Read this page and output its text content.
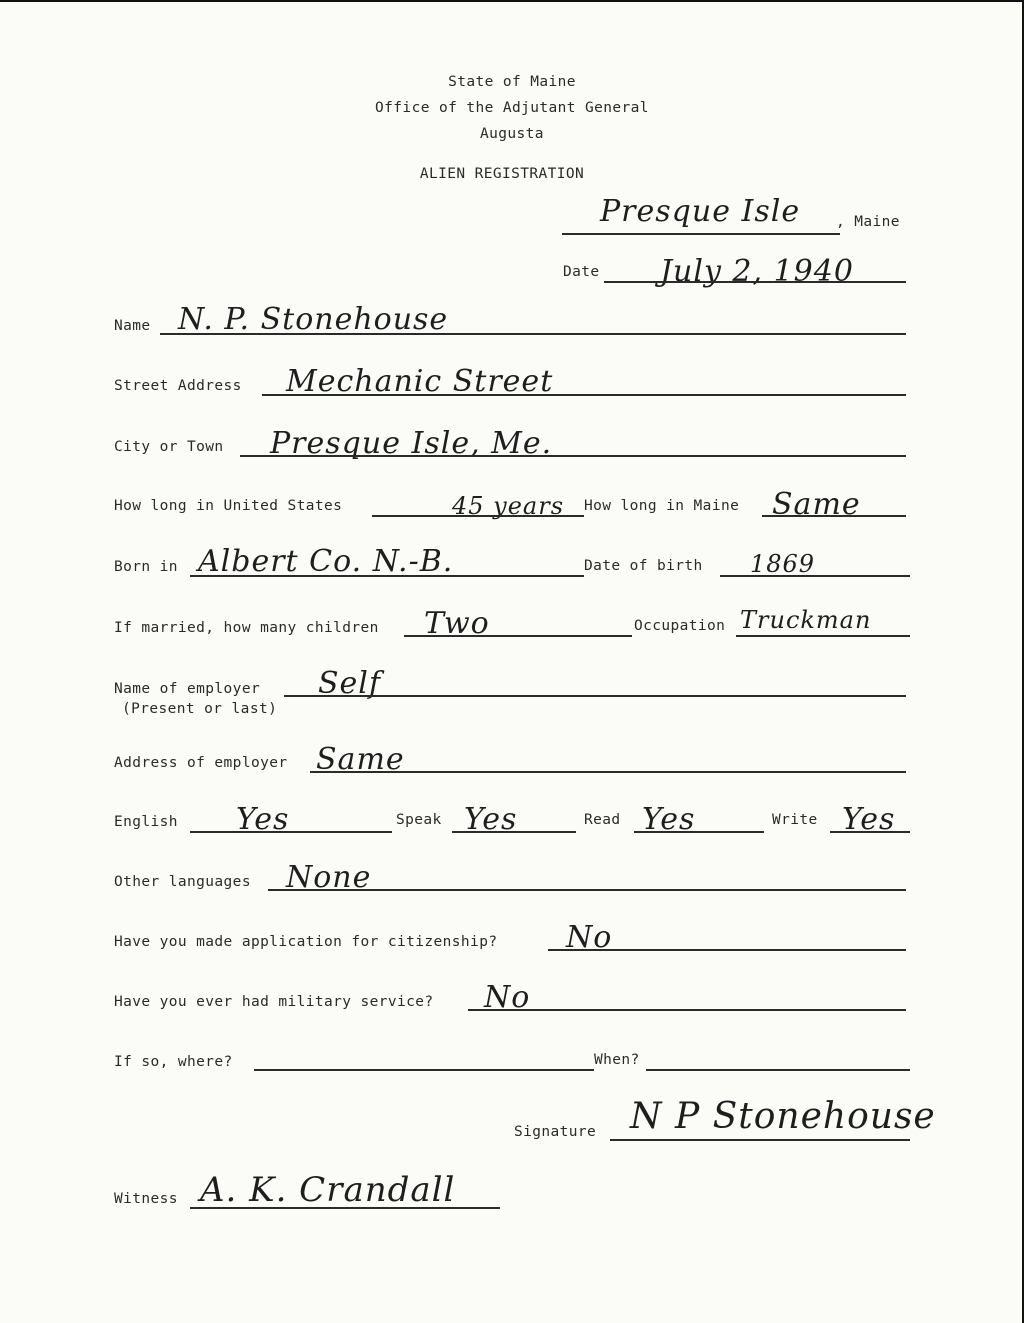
State of Maine
Office of the Adjutant General
Augusta
ALIEN REGISTRATION
Presque Isle , Maine
Date July 2, 1940
Name N. P. Stonehouse
Street Address Mechanic Street
City or Town Presque Isle, Me.
How long in United States	45 years How long in Maine Same
Born in Albert Co. N.-B.	Date of birth 1869
If married, how many children Two	Occupation Truckman
Name of employer
(Present or last)
Self
Address of employer Same
English Yes	Speak Yes	Read Yes	Write Yes
Other languages None
Have you made application for citizenship? No
Have you ever had military service? No
If so, where?	When?
Signature N P Stonehouse
Witness A. K. Crandall
